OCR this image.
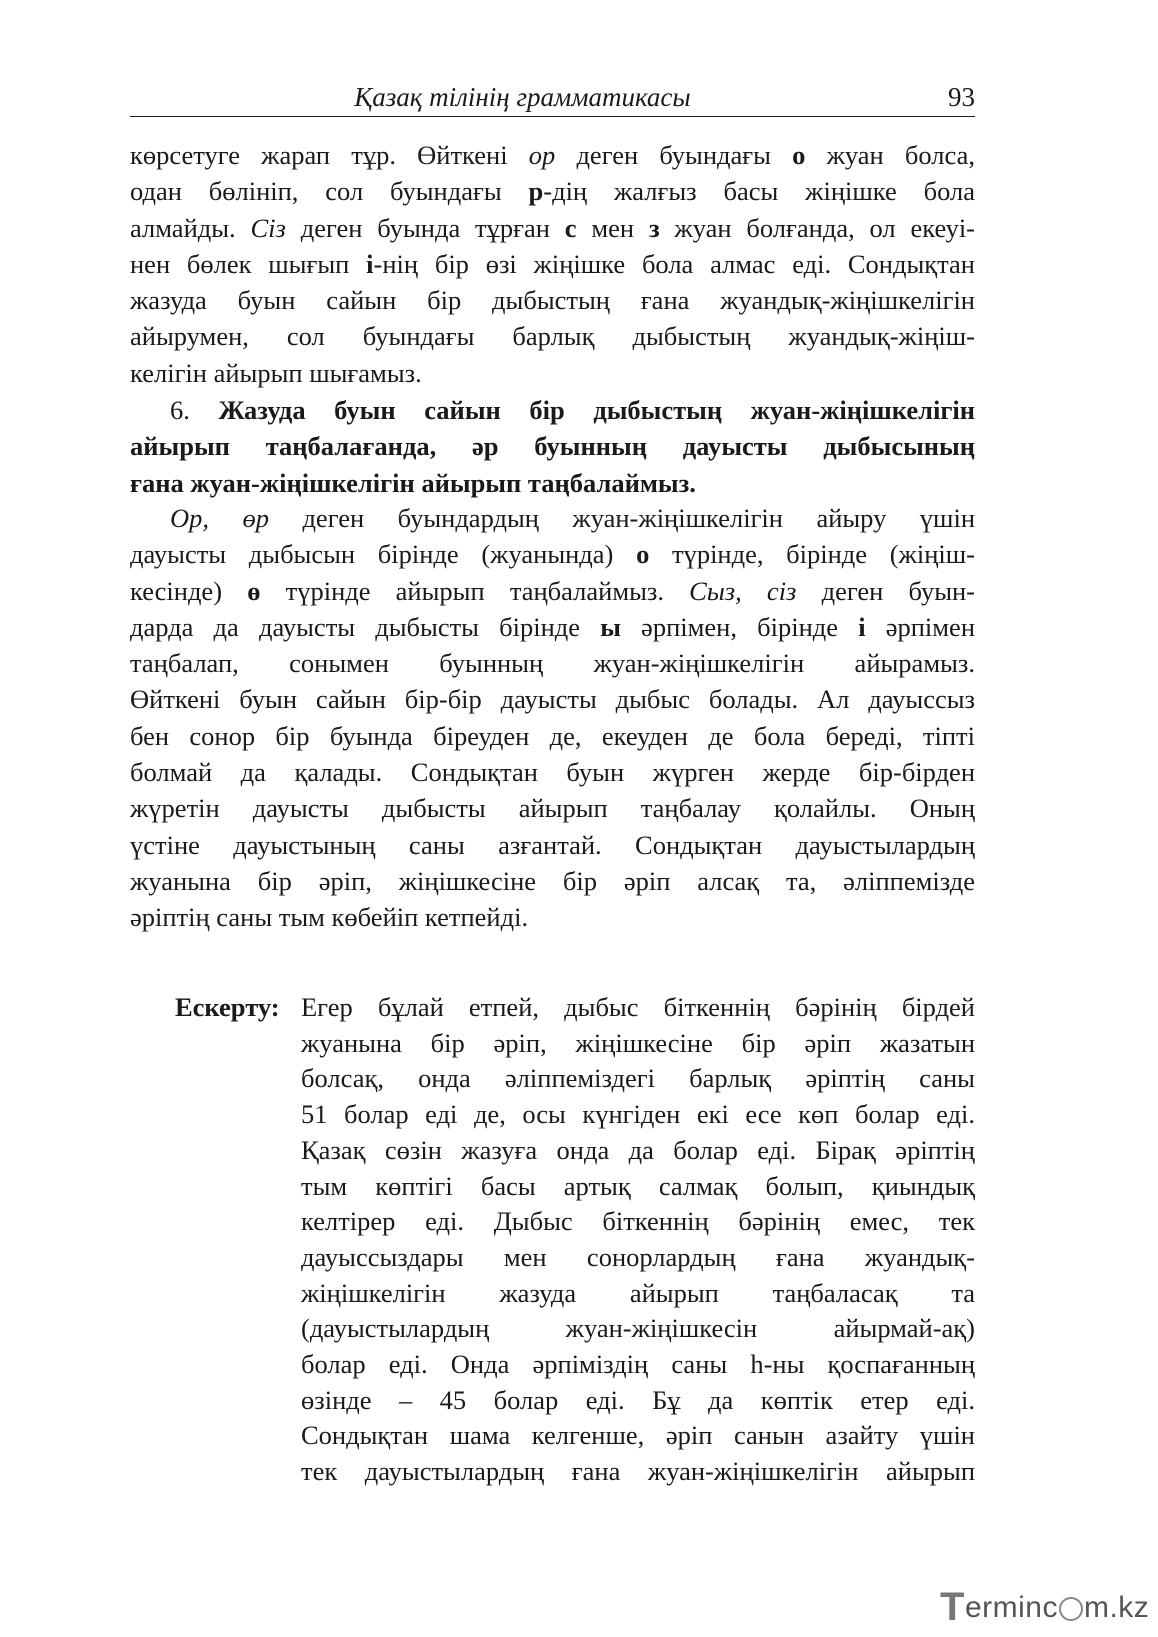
Қазақ тілінің грамматикасы	93
көрсетуге жарап тұр. Өйткені ор деген буындағы о жуан болса,
одан бөлініп, сол буындағы р-дің жалғыз басы жіңішке бола
алмайды. Сіз деген буында тұрған с мен з жуан болғанда, ол екеуі-
нен бөлек шығып і-нің бір өзі жіңішке бола алмас еді. Сондықтан
жазуда буын сайын бір дыбыстың ғана жуандық-жіңішкелігін
айырумен, сол буындағы барлық дыбыстың жуандық-жіңіш-
келігін айырып шығамыз.
6. Жазуда буын сайын бір дыбыстың жуан-жіңішкелігін
айырып таңбалағанда, әр буынның дауысты дыбысының
ғана жуан-жіңішкелігін айырып таңбалаймыз.
Ор, өр деген буындардың жуан-жіңішкелігін айыру үшін
дауысты дыбысын бірінде (жуанында) о түрінде, бірінде (жіңіш-
кесінде) ө түрінде айырып таңбалаймыз. Сыз, сіз деген буын-
дарда да дауысты дыбысты бірінде ы әрпімен, бірінде і әрпімен
таңбалап, сонымен буынның жуан-жіңішкелігін айырамыз.
Өйткені буын сайын бір-бір дауысты дыбыс болады. Ал дауыссыз
бен сонор бір буында біреуден де, екеуден де бола береді, тіпті
болмай да қалады. Сондықтан буын жүрген жерде бір-бірден
жүретін дауысты дыбысты айырып таңбалау қолайлы. Оның
үстіне дауыстының саны азғантай. Сондықтан дауыстылардың
жуанына бір әріп, жіңішкесіне бір әріп алсақ та, әліппемізде
әріптің саны тым көбейіп кетпейді.
Ескерту: Егер бұлай етпей, дыбыс біткеннің бәрінің бірдей
жуанына бір әріп, жіңішкесіне бір әріп жазатын
болсақ, онда әліппеміздегі барлық әріптің саны
51 болар еді де, осы күнгіден екі есе көп болар еді.
Қазақ сөзін жазуға онда да болар еді. Бірақ әріптің
тым көптігі басы артық салмақ болып, қиындық
келтірер еді. Дыбыс біткеннің бәрінің емес, тек
дауыссыздары мен сонорлардың ғана жуандық-
жіңішкелігін жазуда айырып таңбаласақ та
(дауыстылардың жуан-жіңішкесін айырмай-ақ)
болар еді. Онда әрпіміздің саны һ-ны қоспағанның
өзінде – 45 болар еді. Бұ да көптік етер еді.
Сондықтан шама келгенше, әріп санын азайту үшін
тек дауыстылардың ғана жуан-жіңішкелігін айырып
Terminc m.kz
